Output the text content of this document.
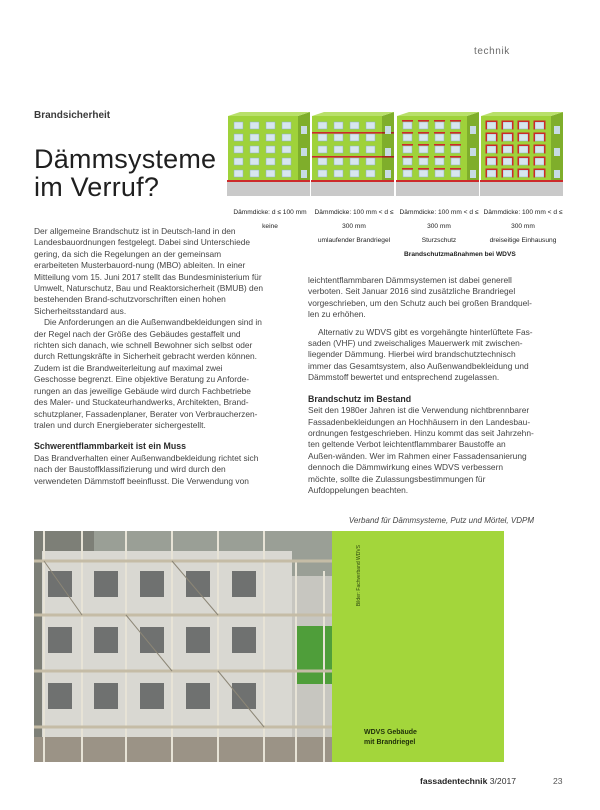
technik
Brandsicherheit
Dämmsysteme
im Verruf?
Dämmdicke: d ≤ 100 mm
keine
Dämmdicke: 100 mm < d ≤ 300 mm
umlaufender Brandriegel
Dämmdicke: 100 mm < d ≤ 300 mm
Sturzschutz
Dämmdicke: 100 mm < d ≤ 300 mm
dreiseitige Einhausung
Brandschutzmaßnahmen bei WDVS

Der allgemeine Brandschutz ist in Deutsch-land in den Landesbauordnungen festgelegt. Dabei sind Unterschiede gering, da sich die Regelungen an der gemeinsam erarbeiteten Musterbauord-nung (MBO) ableiten. In einer Mitteilung vom 15. Juni 2017 stellt das Bundesministerium für Umwelt, Naturschutz, Bau und Reaktorsicherheit (BMUB) den bestehenden Brand-schutzvorschriften einen hohen Sicherheitsstandard aus.

Die Anforderungen an die Außenwandbekleidungen sind in der Regel nach der Größe des Gebäudes gestaffelt und richten sich danach, wie schnell Bewohner sich selbst oder durch Rettungskräfte in Sicherheit gebracht werden können. Zudem ist die Brandweiterleitung auf maximal zwei Geschosse begrenzt. Eine objektive Beratung zu Anforde-rungen an das jeweilige Gebäude wird durch Fachbetriebe des Maler- und Stuckateurhandwerks, Architekten, Brand-schutzplaner, Fassadenplaner, Berater von Verbraucherzen-tralen und durch Energieberater sichergestellt.

Schwerentflammbarkeit ist ein Muss

Das Brandverhalten einer Außenwandbekleidung richtet sich nach der Baustoffklassifizierung und wird durch den verwendeten Dämmstoff beeinflusst. Die Verwendung von

leichtentflammbaren Dämmsystemen ist dabei generell verboten. Seit Januar 2016 sind zusätzliche Brandriegel vorgeschrieben, um den Schutz auch bei großen Brandquel-len zu erhöhen.

Alternativ zu WDVS gibt es vorgehängte hinterlüftete Fas-saden (VHF) und zweischaliges Mauerwerk mit zwischen-liegender Dämmung. Hierbei wird brandschutztechnisch immer das Gesamtsystem, also Außenwandbekleidung und Dämmstoff bewertet und entsprechend zugelassen.

Brandschutz im Bestand

Seit den 1980er Jahren ist die Verwendung nichtbrennbarer Fassadenbekleidungen an Hochhäusern in den Landesbau-ordnungen festgeschrieben. Hinzu kommt das seit Jahrzehn-ten geltende Verbot leichtentflammbarer Baustoffe an Außen-wänden. Wer im Rahmen einer Fassadensanierung dennoch die Dämmwirkung eines WDVS verbessern möchte, sollte die Zulassungsbestimmungen für Aufdoppelungen beachten.

Verband für Dämmsysteme, Putz und Mörtel, VDPM
Bilder: Fachverband WDVS
WDVS Gebäude
mit Brandriegel
fassadentechnik 3/2017	23
